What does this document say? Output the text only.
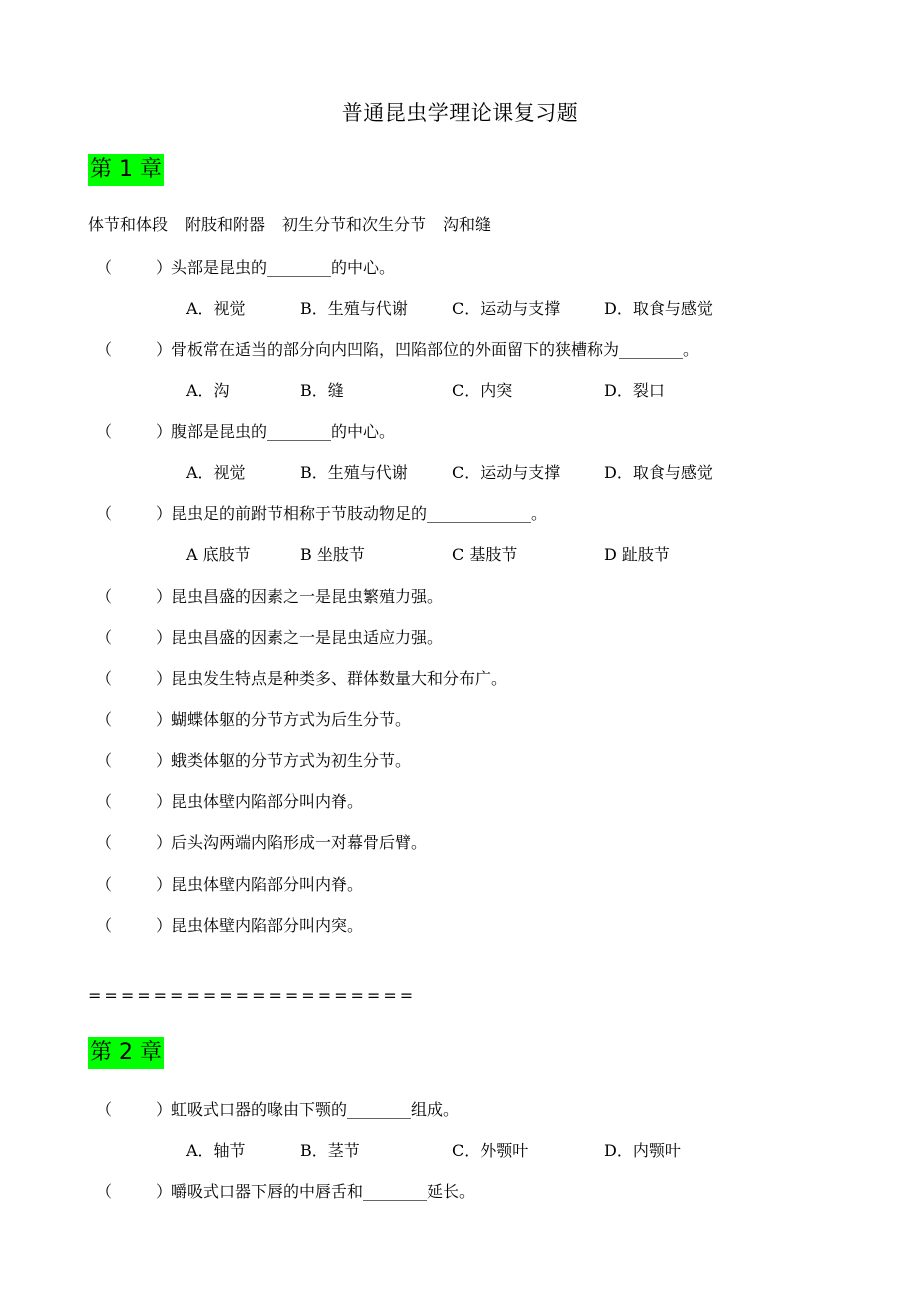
普通昆虫学理论课复习题
第 1 章
体节和体段 附肢和附器 初生分节和次生分节 沟和缝
（	）头部是昆虫的________的中心。
A．视觉	B．生殖与代谢	C．运动与支撑	D．取食与感觉
（	）骨板常在适当的部分向内凹陷，凹陷部位的外面留下的狭槽称为________。
A．沟	B．缝	C．内突	D．裂口
（	）腹部是昆虫的________的中心。
A．视觉	B．生殖与代谢	C．运动与支撑	D．取食与感觉
（	）昆虫足的前跗节相称于节肢动物足的_____________。
A 底肢节	B 坐肢节	C 基肢节	D 趾肢节
（	）昆虫昌盛的因素之一是昆虫繁殖力强。
（	）昆虫昌盛的因素之一是昆虫适应力强。
（	）昆虫发生特点是种类多、群体数量大和分布广。
（	）蝴蝶体躯的分节方式为后生分节。
（	）蛾类体躯的分节方式为初生分节。
（	）昆虫体壁内陷部分叫内脊。
（	）后头沟两端内陷形成一对幕骨后臂。
（	）昆虫体壁内陷部分叫内脊。
（	）昆虫体壁内陷部分叫内突。
====================
第 2 章
（	）虹吸式口器的喙由下颚的________组成。
A．轴节	B．茎节	C．外颚叶	D．内颚叶
（	）嚼吸式口器下唇的中唇舌和________延长。
